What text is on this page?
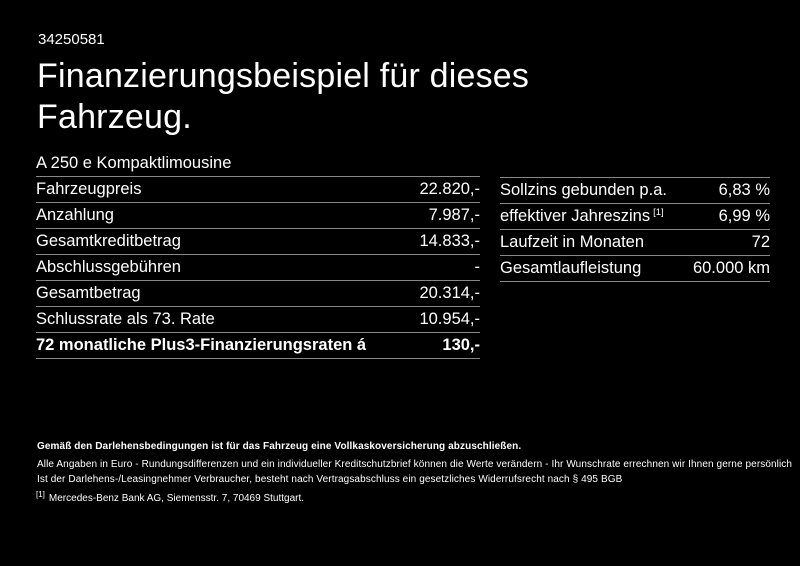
34250581
Finanzierungsbeispiel für dieses Fahrzeug.
A 250 e Kompaktlimousine
Fahrzeugpreis	22.820,-
Anzahlung	7.987,-
Gesamtkreditbetrag	14.833,-
Abschlussgebühren	-
Gesamtbetrag	20.314,-
Schlussrate als 73. Rate	10.954,-
72 monatliche Plus3-Finanzierungsraten á	130,-
Sollzins gebunden p.a.	6,83 %
effektiver Jahreszins [1]	6,99 %
Laufzeit in Monaten	72
Gesamtlaufleistung	60.000 km
Gemäß den Darlehensbedingungen ist für das Fahrzeug eine Vollkaskoversicherung abzuschließen.
Alle Angaben in Euro - Rundungsdifferenzen und ein individueller Kreditschutzbrief können die Werte verändern - Ihr Wunschrate errechnen wir Ihnen gerne persönlich
Ist der Darlehens-/Leasingnehmer Verbraucher, besteht nach Vertragsabschluss ein gesetzliches Widerrufsrecht nach § 495 BGB
[1] Mercedes-Benz Bank AG, Siemensstr. 7, 70469 Stuttgart.
